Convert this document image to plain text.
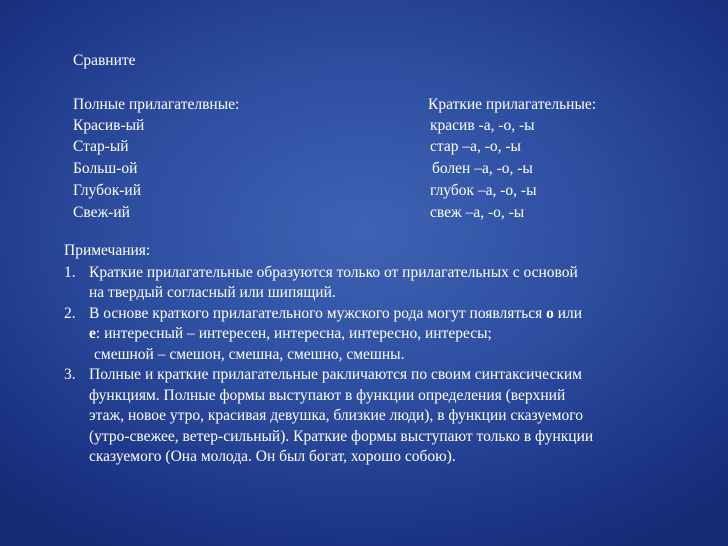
Сравните
Полные прилагателвные:	Краткие прилагательные:
Красив-ый
Стар-ый
Больш-ой
Глубок-ий
Свеж-ий
красив -а, -о, -ы
стар –а, -о, -ы
болен –а, -о, -ы
глубок –а, -о, -ы
свеж –а, -о, -ы
Примечания:
1. Краткие прилагательные образуются только от прилагательных с основой
на твердый согласный или шипящий.
2. В основе краткого прилагательного мужского рода могут появляться о или
е: интересный – интересен, интересна, интересно, интересы;
смешной – смешон, смешна, смешно, смешны.
3. Полные и краткие прилагательные ракличаются по своим синтаксическим
функциям. Полные формы выступают в функции определения (верхний
этаж, новое утро, красивая девушка, близкие люди), в функции сказуемого
(утро-свежее, ветер-сильный). Краткие формы выступают только в функции
сказуемого (Она молода. Он был богат, хорошо собою).
